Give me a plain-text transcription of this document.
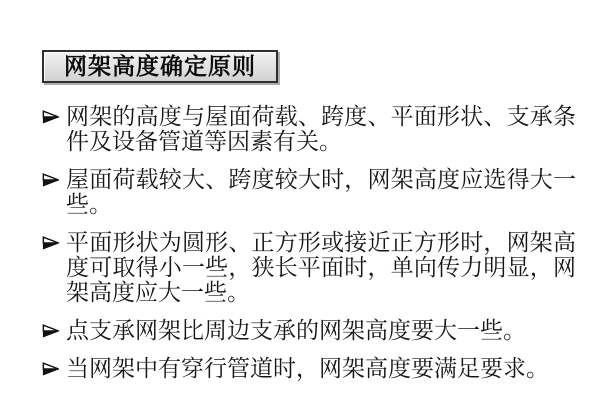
网架高度确定原则
网架的高度与屋面荷载、跨度、平面形状、支承条件及设备管道等因素有关。
屋面荷载较大、跨度较大时，网架高度应选得大一些。
平面形状为圆形、正方形或接近正方形时，网架高度可取得小一些，狭长平面时，单向传力明显，网架高度应大一些。
点支承网架比周边支承的网架高度要大一些。
当网架中有穿行管道时，网架高度要满足要求。
